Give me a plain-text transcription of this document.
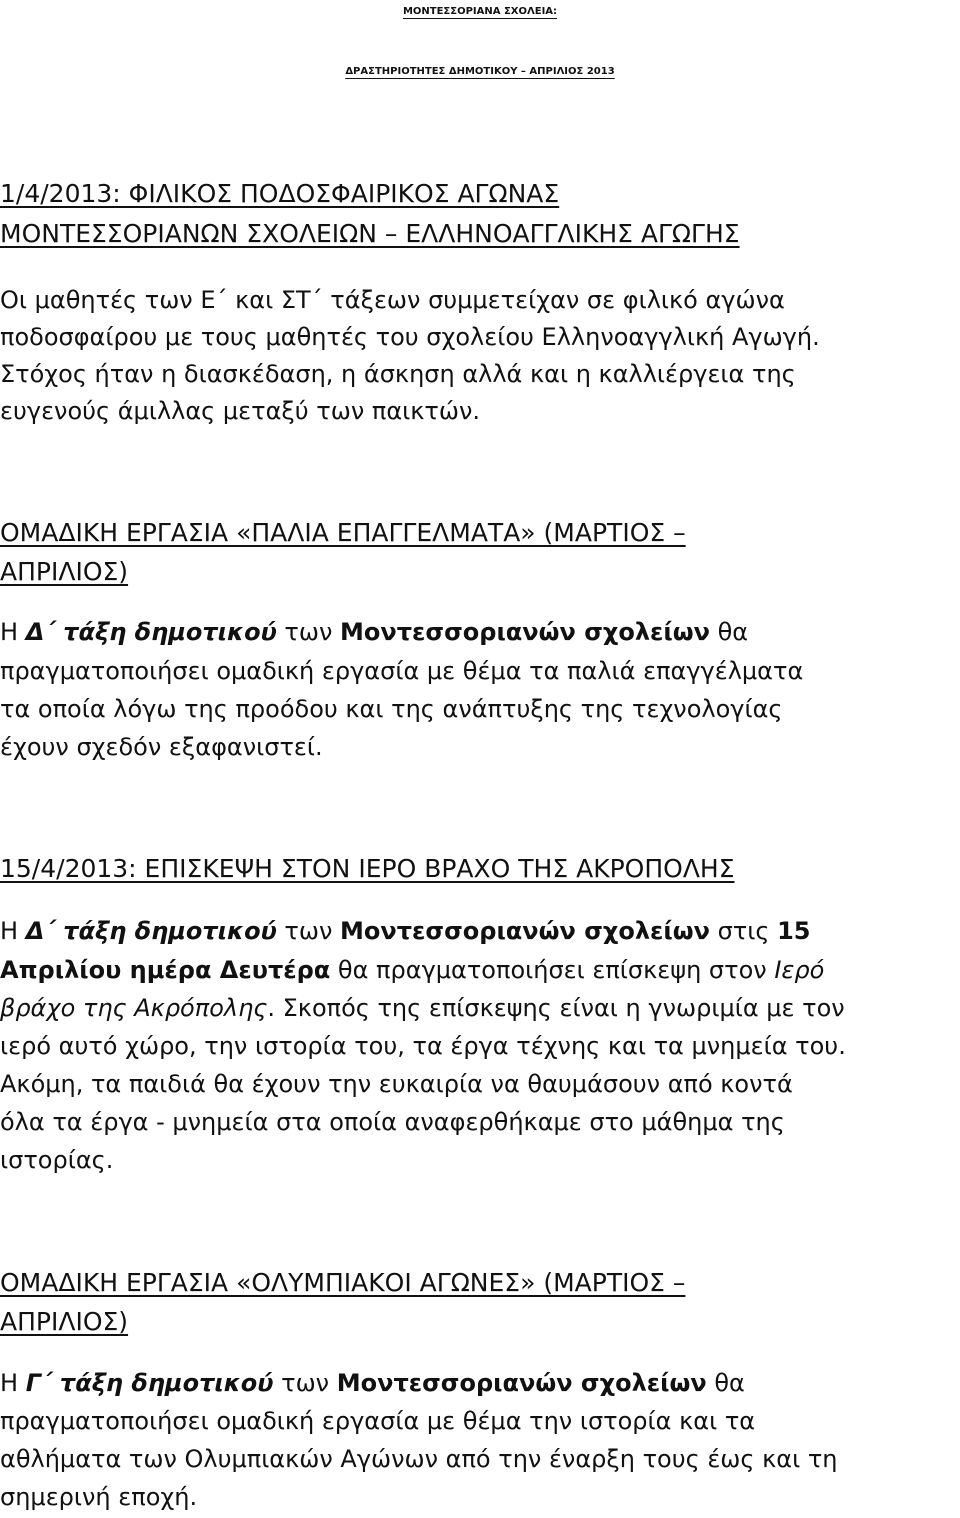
ΜΟΝΤΕΣΣΟΡΙΑΝΑ ΣΧΟΛΕΙΑ:
ΔΡΑΣΤΗΡΙΟΤΗΤΕΣ ΔΗΜΟΤΙΚΟΥ – ΑΠΡΙΛΙΟΣ 2013
1/4/2013: ΦΙΛΙΚΟΣ ΠΟΔΟΣΦΑΙΡΙΚΟΣ ΑΓΩΝΑΣ
ΜΟΝΤΕΣΣΟΡΙΑΝΩΝ ΣΧΟΛΕΙΩΝ – ΕΛΛΗΝΟΑΓΓΛΙΚΗΣ ΑΓΩΓΗΣ
Οι μαθητές των Ε΄ και ΣΤ΄ τάξεων συμμετείχαν σε φιλικό αγώνα
ποδοσφαίρου με τους μαθητές του σχολείου Ελληνοαγγλική Αγωγή.
Στόχος ήταν η διασκέδαση, η άσκηση αλλά και η καλλιέργεια της
ευγενούς άμιλλας μεταξύ των παικτών.
ΟΜΑΔΙΚΗ ΕΡΓΑΣΙΑ «ΠΑΛΙΑ ΕΠΑΓΓΕΛΜΑΤΑ» (ΜΑΡΤΙΟΣ –
ΑΠΡΙΛΙΟΣ)
Η Δ΄ τάξη δημοτικού των Μοντεσσοριανών σχολείων θα
πραγματοποιήσει ομαδική εργασία με θέμα τα παλιά επαγγέλματα
τα οποία λόγω της προόδου και της ανάπτυξης της τεχνολογίας
έχουν σχεδόν εξαφανιστεί.
15/4/2013: ΕΠΙΣΚΕΨΗ ΣΤΟΝ ΙΕΡΟ ΒΡΑΧΟ ΤΗΣ ΑΚΡΟΠΟΛΗΣ
Η Δ΄ τάξη δημοτικού των Μοντεσσοριανών σχολείων στις 15
Απριλίου ημέρα Δευτέρα θα πραγματοποιήσει επίσκεψη στον Ιερό
βράχο της Ακρόπολης. Σκοπός της επίσκεψης είναι η γνωριμία με τον
ιερό αυτό χώρο, την ιστορία του, τα έργα τέχνης και τα μνημεία του.
Ακόμη, τα παιδιά θα έχουν την ευκαιρία να θαυμάσουν από κοντά
όλα τα έργα - μνημεία στα οποία αναφερθήκαμε στο μάθημα της
ιστορίας.
ΟΜΑΔΙΚΗ ΕΡΓΑΣΙΑ «ΟΛΥΜΠΙΑΚΟΙ ΑΓΩΝΕΣ» (ΜΑΡΤΙΟΣ –
ΑΠΡΙΛΙΟΣ)
Η Γ΄ τάξη δημοτικού των Μοντεσσοριανών σχολείων θα
πραγματοποιήσει ομαδική εργασία με θέμα την ιστορία και τα
αθλήματα των Ολυμπιακών Αγώνων από την έναρξη τους έως και τη
σημερινή εποχή.
